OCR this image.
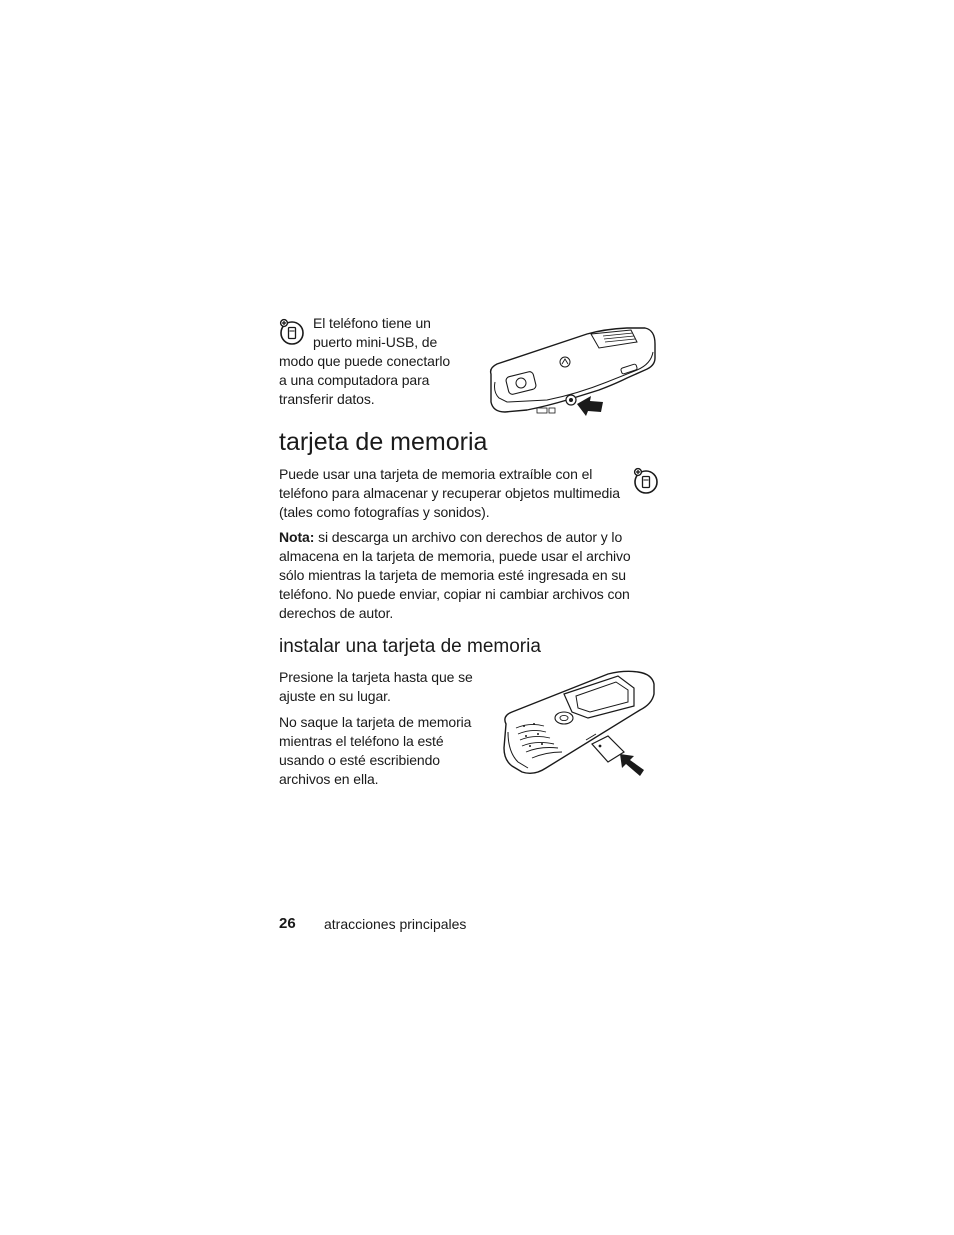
El teléfono tiene un
puerto mini-USB, de
modo que puede conectarlo
a una computadora para
transferir datos.
tarjeta de memoria
Puede usar una tarjeta de memoria extraíble con el teléfono para almacenar y recuperar objetos multimedia (tales como fotografías y sonidos).
Nota: si descarga un archivo con derechos de autor y lo almacena en la tarjeta de memoria, puede usar el archivo sólo mientras la tarjeta de memoria esté ingresada en su teléfono. No puede enviar, copiar ni cambiar archivos con derechos de autor.
instalar una tarjeta de memoria

Presione la tarjeta hasta que se ajuste en su lugar.

No saque la tarjeta de memoria mientras el teléfono la esté usando o esté escribiendo archivos en ella.

26 atracciones principales
